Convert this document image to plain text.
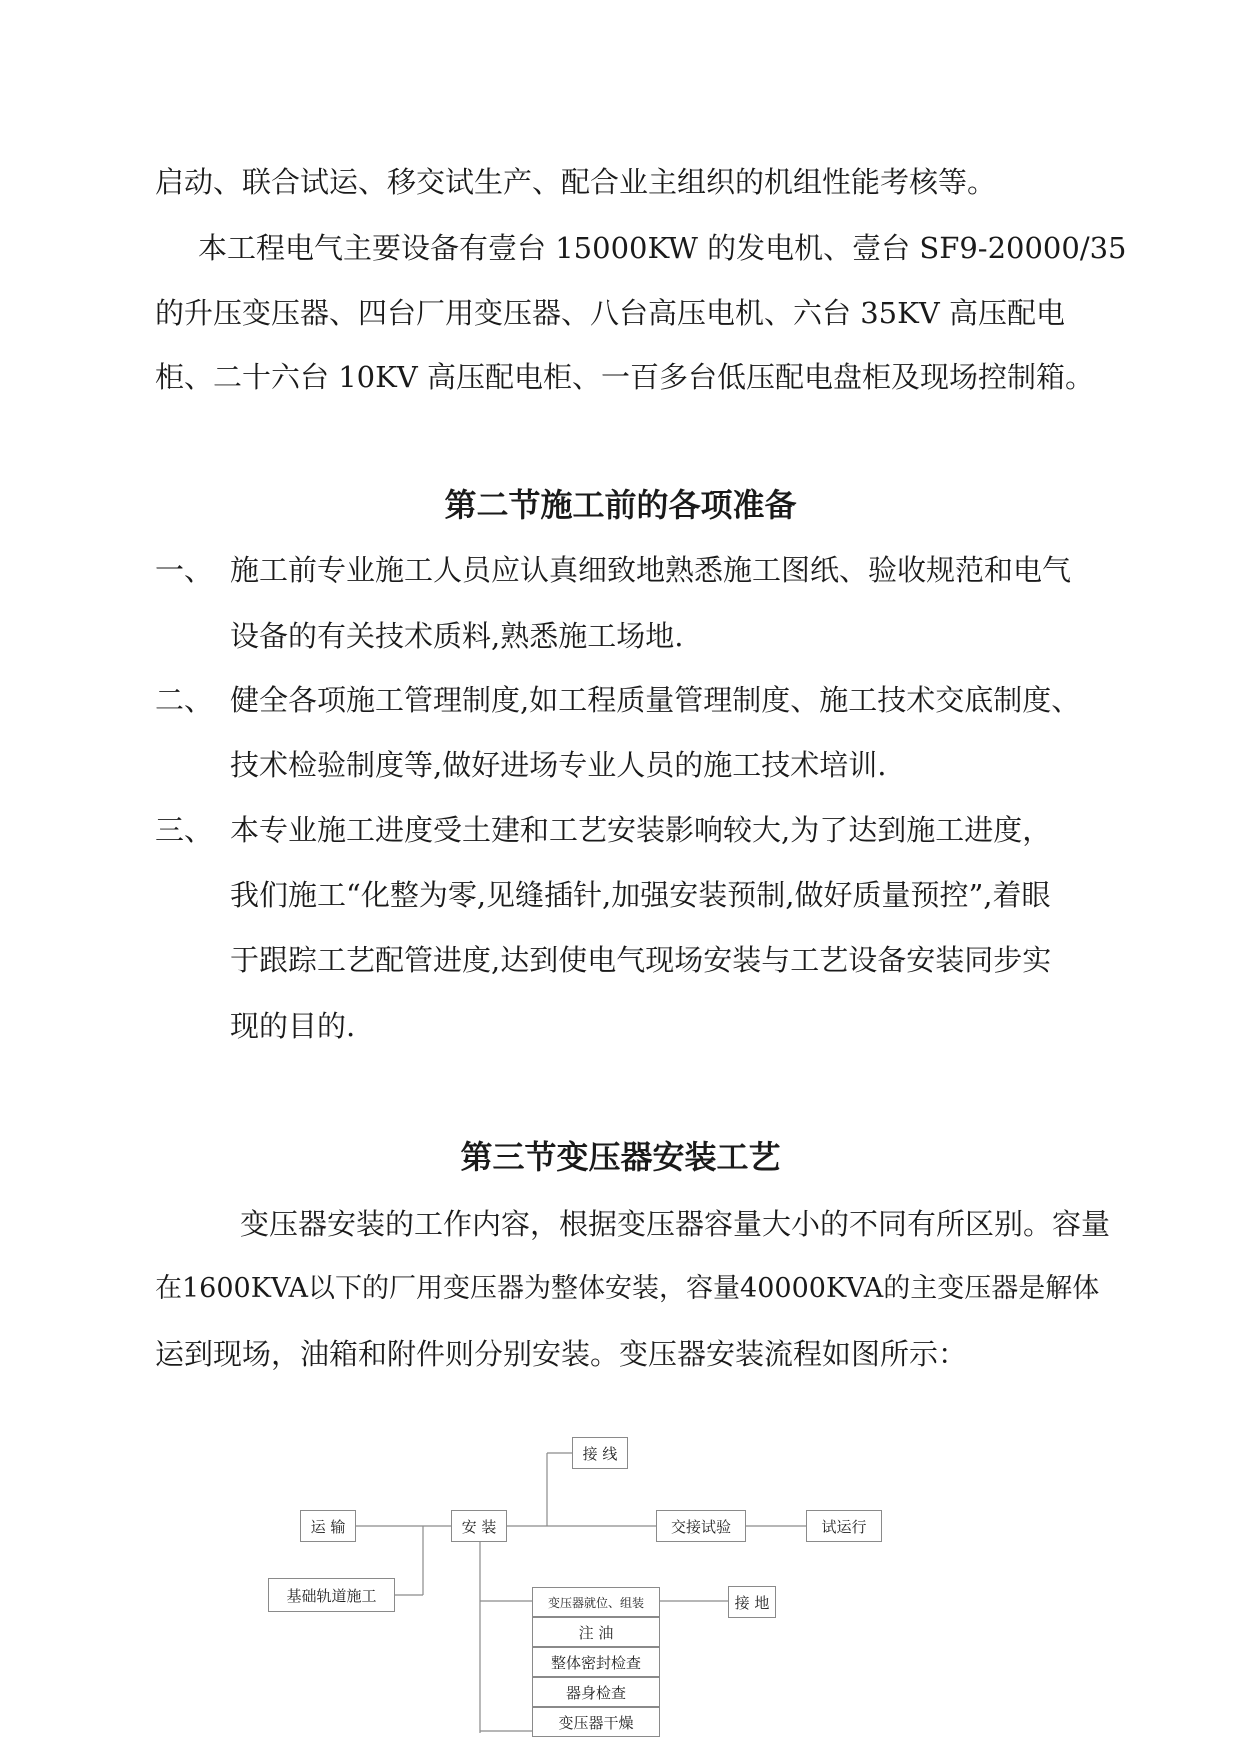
启动、联合试运、移交试生产、配合业主组织的机组性能考核等。
本工程电气主要设备有壹台 15000KW 的发电机、壹台 SF9-20000/35
的升压变压器、四台厂用变压器、八台高压电机、六台 35KV 高压配电
柜、二十六台 10KV 高压配电柜、一百多台低压配电盘柜及现场控制箱。
第二节施工前的各项准备
一、 施工前专业施工人员应认真细致地熟悉施工图纸、验收规范和电气
设备的有关技术质料,熟悉施工场地.
二、 健全各项施工管理制度,如工程质量管理制度、施工技术交底制度、
技术检验制度等,做好进场专业人员的施工技术培训.
三、 本专业施工进度受土建和工艺安装影响较大,为了达到施工进度，
我们施工“化整为零,见缝插针,加强安装预制,做好质量预控”,着眼
于跟踪工艺配管进度,达到使电气现场安装与工艺设备安装同步实
现的目的.
第三节变压器安装工艺
变压器安装的工作内容，根据变压器容量大小的不同有所区别。容量
在1600KVA以下的厂用变压器为整体安装，容量40000KVA的主变压器是解体
运到现场，油箱和附件则分别安装。变压器安装流程如图所示：
接 线
运 输	安 装	交接试验	试运行
基础轨道施工	变压器就位、组装	接 地
注 油
整体密封检查
器身检查
变压器干燥
